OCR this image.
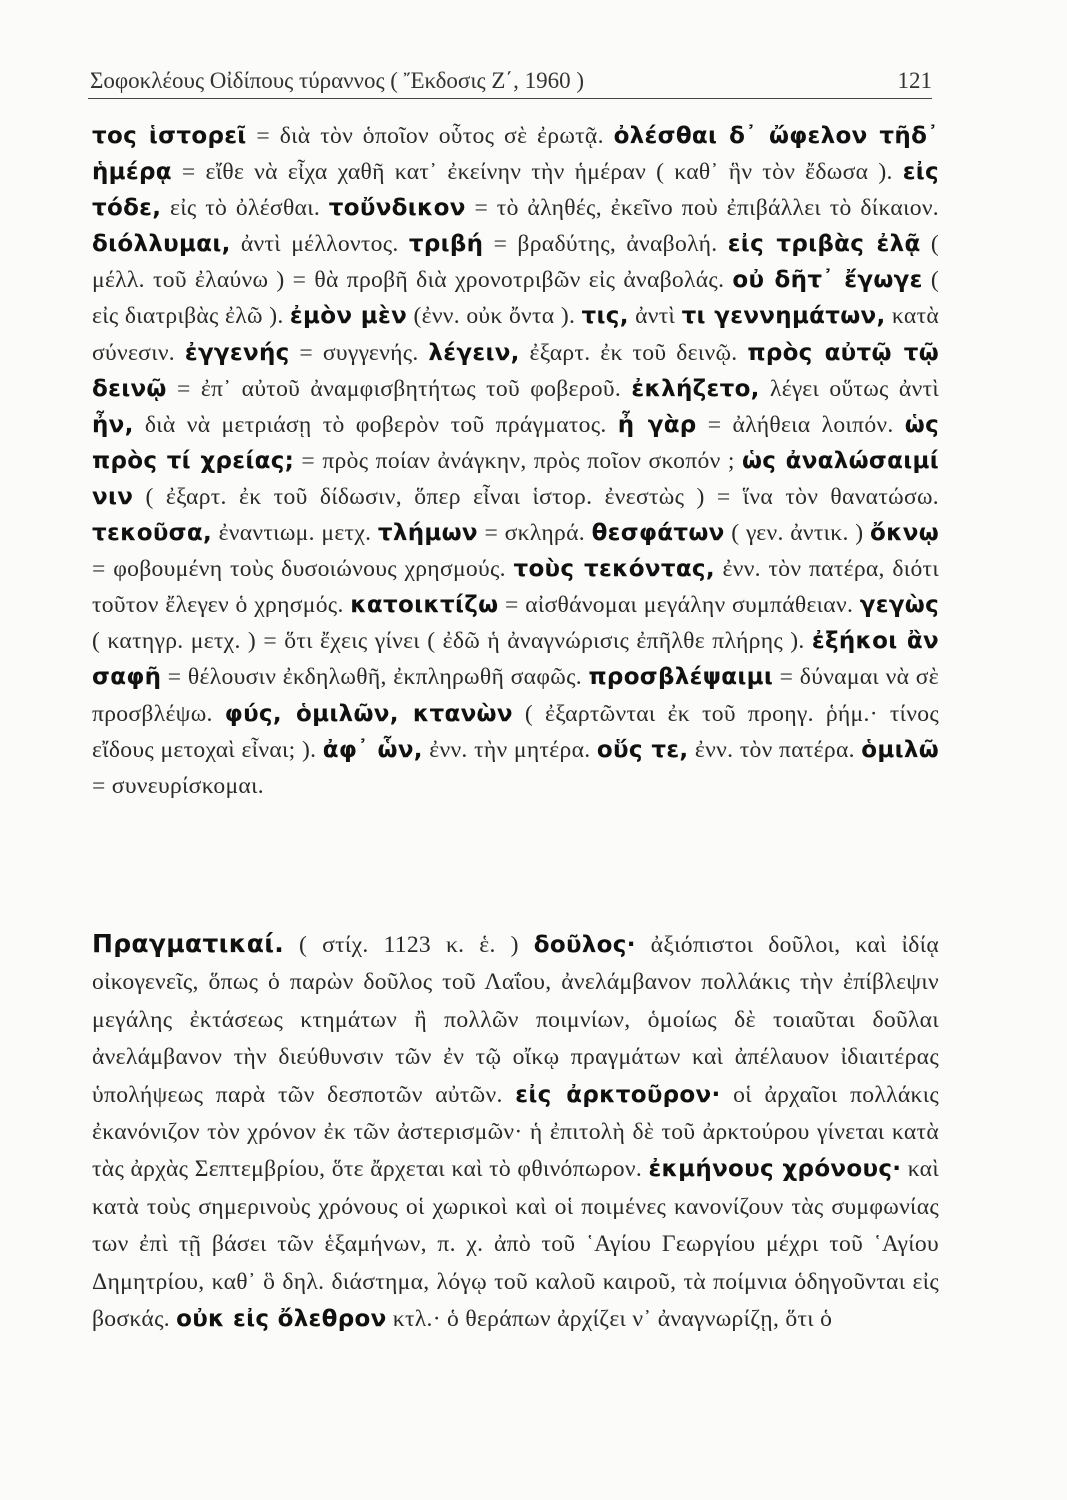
Σοφοκλέους Οἰδίπους τύραννος ( Ἔκδοσις Ζ΄, 1960 )	121
τος ἱστορεῖ = διὰ τὸν ὁποῖον οὗτος σὲ ἐρωτᾷ. ὀλέσθαι δ᾽ ὤφελον τῆδ᾽ ἡμέρᾳ = εἴθε νὰ εἶχα χαθῆ κατ᾽ ἐκείνην τὴν ἡμέραν ( καθ᾽ ἣν τὸν ἔδωσα ). εἰς τόδε, εἰς τὸ ὀλέσθαι. τοὔνδικον = τὸ ἀληθές, ἐκεῖνο ποὺ ἐπιβάλλει τὸ δίκαιον. διόλλυμαι, ἀντὶ μέλλοντος. τριβή = βραδύτης, ἀναβολή. εἰς τριβὰς ἐλᾷ ( μέλλ. τοῦ ἐλαύνω ) = θὰ προβῆ διὰ χρονοτριβῶν εἰς ἀναβολάς. οὐ δῆτ᾽ ἔγωγε ( εἰς διατριβὰς ἐλῶ ). ἐμὸν μὲν (ἐνν. οὐκ ὄντα ). τις, ἀντὶ τι γεννημάτων, κατὰ σύνεσιν. ἐγγενής = συγγενής. λέγειν, ἐξαρτ. ἐκ τοῦ δεινῷ. πρὸς αὐτῷ τῷ δεινῷ = ἐπ᾽ αὐτοῦ ἀναμφισβητήτως τοῦ φοβεροῦ. ἐκλήζετο, λέγει οὕτως ἀντὶ ἦν, διὰ νὰ μετριάσῃ τὸ φοβερὸν τοῦ πράγματος. ἦ γὰρ = ἀλήθεια λοιπόν. ὡς πρὸς τί χρείας; = πρὸς ποίαν ἀνάγκην, πρὸς ποῖον σκοπόν ; ὡς ἀναλώσαιμί νιν ( ἐξαρτ. ἐκ τοῦ δίδωσιν, ὅπερ εἶναι ἱστορ. ἐνεστὼς ) = ἵνα τὸν θανατώσω. τεκοῦσα, ἐναντιωμ. μετχ. τλήμων = σκληρά. θεσφάτων ( γεν. ἀντικ. ) ὄκνῳ = φοβουμένη τοὺς δυσοιώνους χρησμούς. τοὺς τεκόντας, ἐνν. τὸν πατέρα, διότι τοῦτον ἔλεγεν ὁ χρησμός. κατοικτίζω = αἰσθάνομαι μεγάλην συμπάθειαν. γεγὼς ( κατηγρ. μετχ. ) = ὅτι ἔχεις γίνει ( ἐδῶ ἡ ἀναγνώρισις ἐπῆλθε πλήρης ). ἐξήκοι ἂν σαφῆ = θέλουσιν ἐκδηλωθῆ, ἐκπληρωθῆ σαφῶς. προσβλέψαιμι = δύναμαι νὰ σὲ προσβλέψω. φύς, ὁμιλῶν, κτανὼν ( ἐξαρτῶνται ἐκ τοῦ προηγ. ῥήμ.· τίνος εἴδους μετοχαὶ εἶναι; ). ἀφ᾽ ὧν, ἐνν. τὴν μητέρα. οὕς τε, ἐνν. τὸν πατέρα. ὁμιλῶ = συνευρίσκομαι.
Πραγματικαί. ( στίχ. 1123 κ. ἑ. ) δοῦλος· ἀξιόπιστοι δοῦλοι, καὶ ἰδίᾳ οἰκογενεῖς, ὅπως ὁ παρὼν δοῦλος τοῦ Λαΐου, ἀνελάμβανον πολλάκις τὴν ἐπίβλεψιν μεγάλης ἐκτάσεως κτημάτων ἢ πολλῶν ποιμνίων, ὁμοίως δὲ τοιαῦται δοῦλαι ἀνελάμβανον τὴν διεύθυνσιν τῶν ἐν τῷ οἴκῳ πραγμάτων καὶ ἀπέλαυον ἰδιαιτέρας ὑπολήψεως παρὰ τῶν δεσποτῶν αὐτῶν. εἰς ἀρκτοῦρον· οἱ ἀρχαῖοι πολλάκις ἐκανόνιζον τὸν χρόνον ἐκ τῶν ἀστερισμῶν· ἡ ἐπιτολὴ δὲ τοῦ ἀρκτούρου γίνεται κατὰ τὰς ἀρχὰς Σεπτεμβρίου, ὅτε ἄρχεται καὶ τὸ φθινόπωρον. ἐκμήνους χρόνους· καὶ κατὰ τοὺς σημερινοὺς χρόνους οἱ χωρικοὶ καὶ οἱ ποιμένες κανονίζουν τὰς συμφωνίας των ἐπὶ τῇ βάσει τῶν ἑξαμήνων, π. χ. ἀπὸ τοῦ ῾Αγίου Γεωργίου μέχρι τοῦ ῾Αγίου Δημητρίου, καθ᾽ ὃ δηλ. διάστημα, λόγῳ τοῦ καλοῦ καιροῦ, τὰ ποίμνια ὁδηγοῦνται εἰς βοσκάς. οὐκ εἰς ὄλεθρον κτλ.· ὁ θεράπων ἀρχίζει ν᾽ ἀναγνωρίζῃ, ὅτι ὁ
